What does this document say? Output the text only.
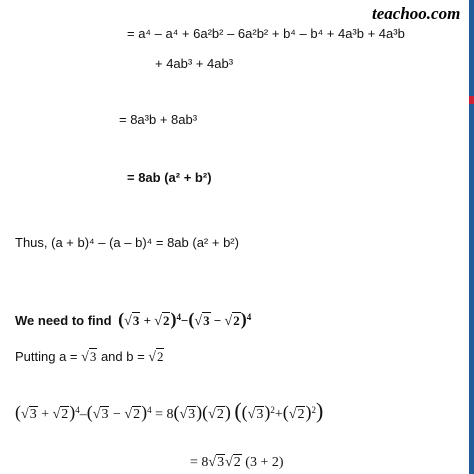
teachoo.com
= a⁴ – a⁴ + 6a²b² – 6a²b² + b⁴ – b⁴ + 4a³b + 4a³b
+ 4ab³ + 4ab³
= 8a³b + 8ab³
= 8ab (a² + b²)
Thus, (a + b)⁴ – (a – b)⁴ = 8ab (a² + b²)
We need to find $(√3 + √2)^4-(√3 - √2)^4$
Putting a = √3 and b = √2
$(√3 + √2)^4-(√3 - √2)^4 = 8(√3)(√2)$ $((√3)^2+(√2)^2)$
= 8√3√2 (3 + 2)
